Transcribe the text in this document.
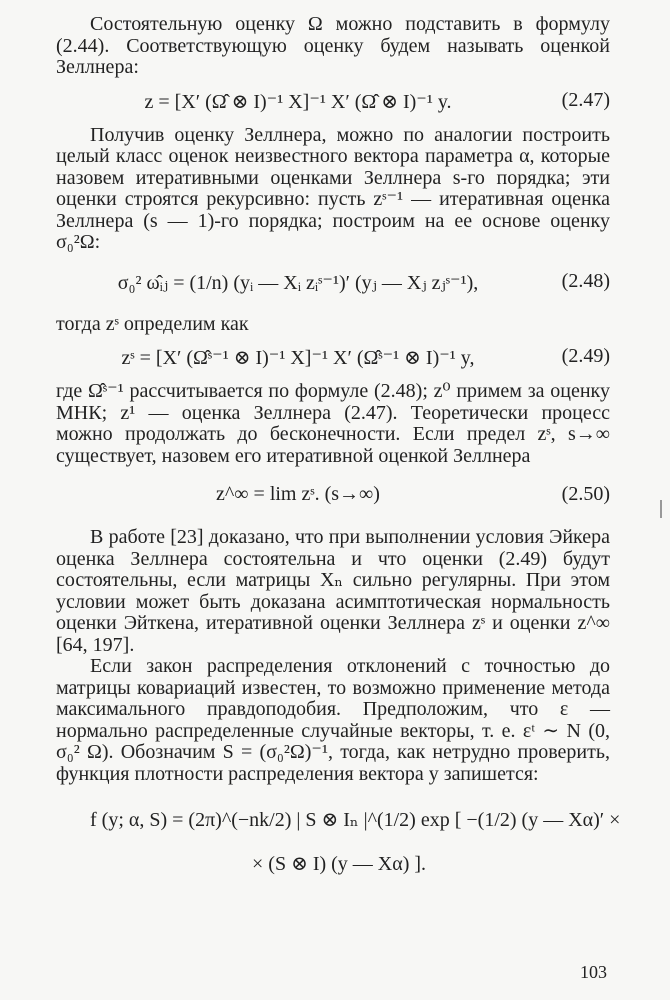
Состоятельную оценку Ω можно подставить в формулу (2.44). Соответствующую оценку будем называть оценкой Зеллнера:

z = [X′ (Ω̂ ⊗ I)⁻¹ X]⁻¹ X′ (Ω̂ ⊗ I)⁻¹ y.	(2.47)

Получив оценку Зеллнера, можно по аналогии построить целый класс оценок неизвестного вектора параметра α, которые назовем итеративными оценками Зеллнера s-го порядка; эти оценки строятся рекурсивно: пусть zˢ⁻¹ — итеративная оценка Зеллнера (s — 1)-го порядка; построим на ее основе оценку σ₀²Ω:

σ₀² ω̂ᵢⱼ = (1/n) (yᵢ — Xᵢ zᵢˢ⁻¹)′ (yⱼ — Xⱼ zⱼˢ⁻¹),	(2.48)

тогда zˢ определим как

zˢ = [X′ (Ω̂ˢ⁻¹ ⊗ I)⁻¹ X]⁻¹ X′ (Ω̂ˢ⁻¹ ⊗ I)⁻¹ y,	(2.49)

где Ω̂ˢ⁻¹ рассчитывается по формуле (2.48); z⁰ примем за оценку МНК; z¹ — оценка Зеллнера (2.47). Теоретически процесс можно продолжать до бесконечности. Если предел zˢ, s→∞ существует, назовем его итеративной оценкой Зеллнера

z^∞ = lim zˢ. (s→∞)	(2.50)

В работе [23] доказано, что при выполнении условия Эйкера оценка Зеллнера состоятельна и что оценки (2.49) будут состоятельны, если матрицы Xₙ сильно регулярны. При этом условии может быть доказана асимптотическая нормальность оценки Эйткена, итеративной оценки Зеллнера zˢ и оценки z^∞ [64, 197].

Если закон распределения отклонений с точностью до матрицы ковариаций известен, то возможно применение метода максимального правдоподобия. Предположим, что ε — нормально распределенные случайные векторы, т. е. εᵗ ∼ N (0, σ₀² Ω). Обозначим S = (σ₀²Ω)⁻¹, тогда, как нетрудно проверить, функция плотности распределения вектора y запишется:

f (y; α, S) = (2π)^(−nk/2) | S ⊗ Iₙ |^(1/2) exp [ −(1/2) (y — Xα)′ ×
× (S ⊗ I) (y — Xα) ].
103
